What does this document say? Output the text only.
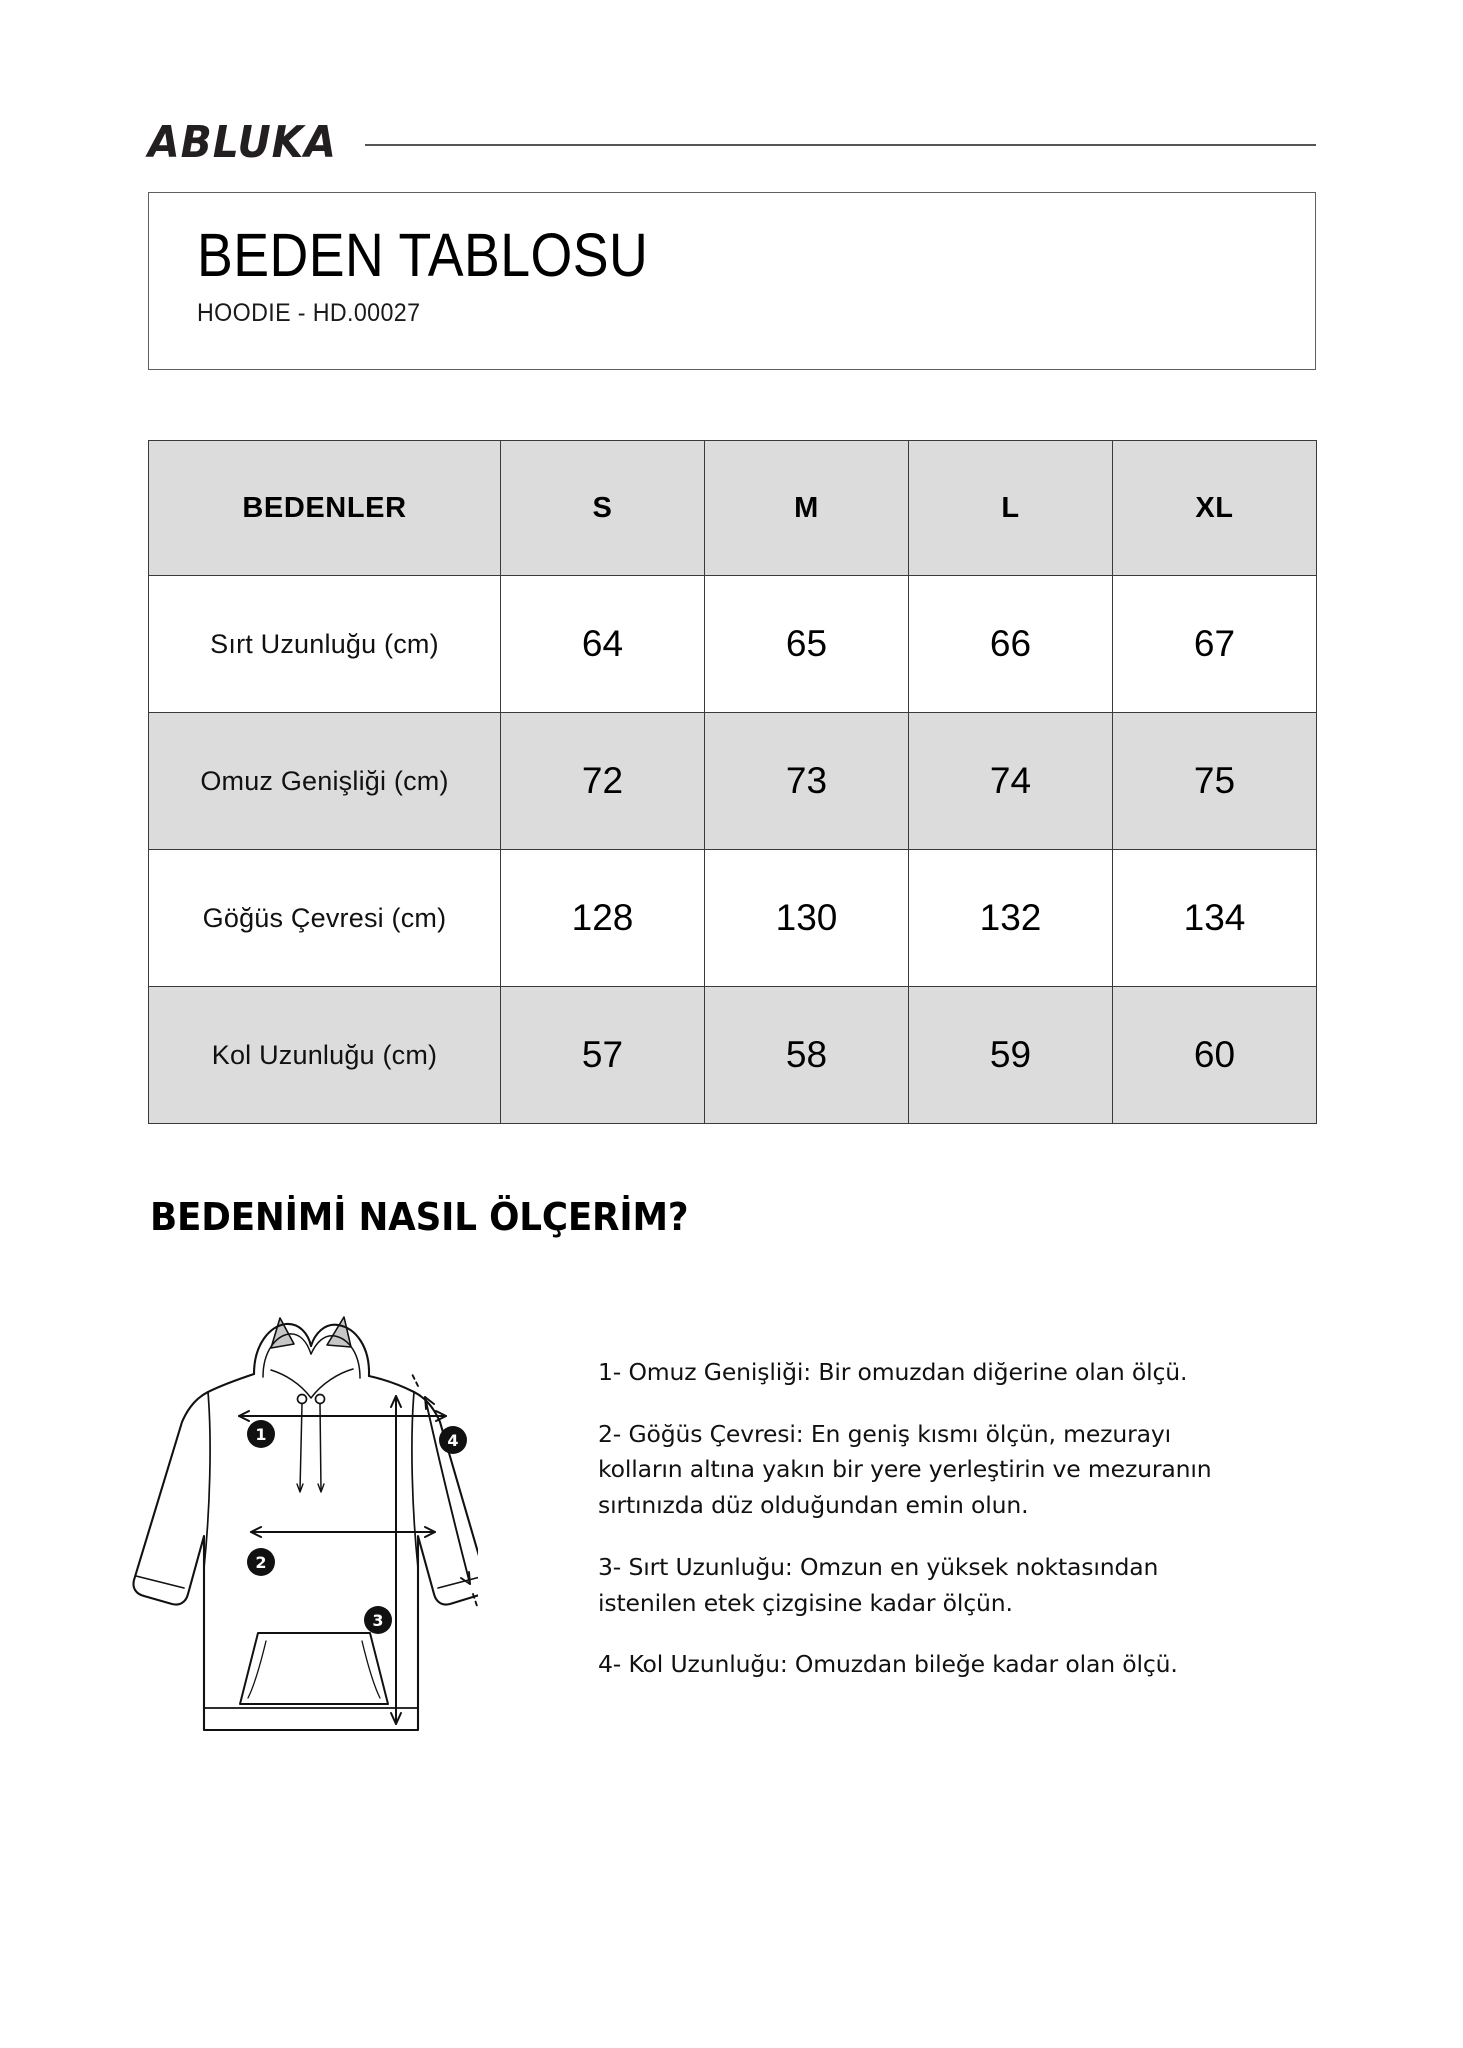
ABLUKA
BEDEN TABLOSU
HOODIE - HD.00027
BEDENLER	S	M	L	XL
Sırt Uzunluğu (cm)	64	65	66	67
Omuz Genişliği (cm)	72	73	74	75
Göğüs Çevresi (cm)	128	130	132	134
Kol Uzunluğu (cm)	57	58	59	60
BEDENİMİ NASIL ÖLÇERİM?
1
2
3
4

1- Omuz Genişliği: Bir omuzdan diğerine olan ölçü.

2- Göğüs Çevresi: En geniş kısmı ölçün, mezurayı kolların altına yakın bir yere yerleştirin ve mezuranın sırtınızda düz olduğundan emin olun.

3- Sırt Uzunluğu: Omzun en yüksek noktasından istenilen etek çizgisine kadar ölçün.

4- Kol Uzunluğu: Omuzdan bileğe kadar olan ölçü.
